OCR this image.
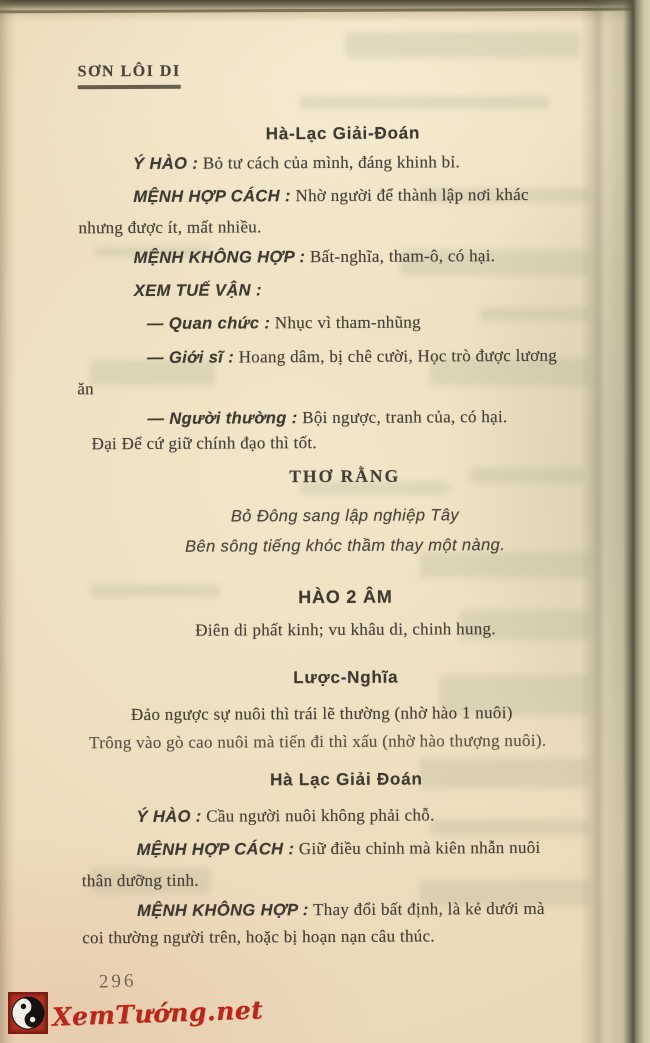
SƠN LÔI DI
Hà-Lạc Giải-Đoán
Ý HÀO : Bỏ tư cách của mình, đáng khinh bỉ.
MỆNH HỢP CÁCH : Nhờ người để thành lập nơi khác
nhưng được ít, mất nhiều.
MỆNH KHÔNG HỢP : Bất-nghĩa, tham-ô, có hại.
XEM TUẾ VẬN :
— Quan chức : Nhục vì tham-nhũng
— Giới sĩ : Hoang dâm, bị chê cười, Học trò được lương
ăn
— Người thường : Bội ngược, tranh của, có hại.
Đại Để cứ giữ chính đạo thì tốt.
THƠ RẰNG
Bỏ Đông sang lập nghiệp Tây
Bên sông tiếng khóc thầm thay một nàng.
HÀO 2 ÂM
Điên di phất kinh; vu khâu di, chinh hung.
Lược-Nghĩa
Đảo ngược sự nuôi thì trái lẽ thường (nhờ hào 1 nuôi)
Trông vào gò cao nuôi mà tiến đi thì xấu (nhờ hào thượng nuôi).
Hà Lạc Giải Đoán
Ý HÀO : Cầu người nuôi không phải chỗ.
MỆNH HỢP CÁCH : Giữ điều chỉnh mà kiên nhẫn nuôi
thân dưỡng tinh.
MỆNH KHÔNG HỢP : Thay đổi bất định, là kẻ dưới mà
coi thường người trên, hoặc bị hoạn nạn câu thúc.
296
XemTướng.net
